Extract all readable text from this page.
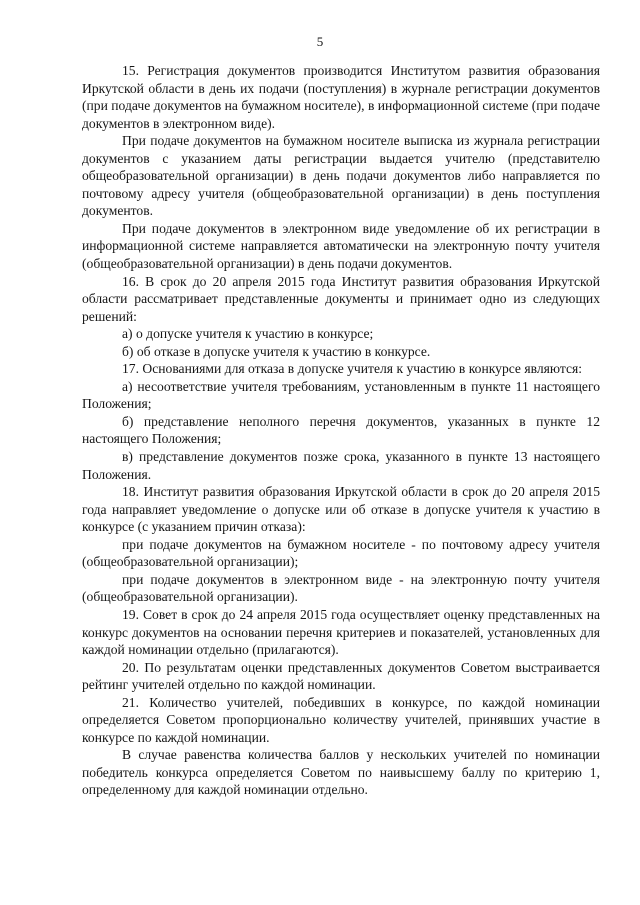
5

15. Регистрация документов производится Институтом развития образования Иркутской области в день их подачи (поступления) в журнале регистрации документов (при подаче документов на бумажном носителе), в информационной системе (при подаче документов в электронном виде).

При подаче документов на бумажном носителе выписка из журнала регистрации документов с указанием даты регистрации выдается учителю (представителю общеобразовательной организации) в день подачи документов либо направляется по почтовому адресу учителя (общеобразовательной организации) в день поступления документов.

При подаче документов в электронном виде уведомление об их регистрации в информационной системе направляется автоматически на электронную почту учителя (общеобразовательной организации) в день подачи документов.

16. В срок до 20 апреля 2015 года Институт развития образования Иркутской области рассматривает представленные документы и принимает одно из следующих решений:

а) о допуске учителя к участию в конкурсе;

б) об отказе в допуске учителя к участию в конкурсе.

17. Основаниями для отказа в допуске учителя к участию в конкурсе являются:

а) несоответствие учителя требованиям, установленным в пункте 11 настоящего Положения;

б) представление неполного перечня документов, указанных в пункте 12 настоящего Положения;

в) представление документов позже срока, указанного в пункте 13 настоящего Положения.

18. Институт развития образования Иркутской области в срок до 20 апреля 2015 года направляет уведомление о допуске или об отказе в допуске учителя к участию в конкурсе (с указанием причин отказа):

при подаче документов на бумажном носителе - по почтовому адресу учителя (общеобразовательной организации);

при подаче документов в электронном виде - на электронную почту учителя (общеобразовательной организации).

19. Совет в срок до 24 апреля 2015 года осуществляет оценку представленных на конкурс документов на основании перечня критериев и показателей, установленных для каждой номинации отдельно (прилагаются).

20. По результатам оценки представленных документов Советом выстраивается рейтинг учителей отдельно по каждой номинации.

21. Количество учителей, победивших в конкурсе, по каждой номинации определяется Советом пропорционально количеству учителей, принявших участие в конкурсе по каждой номинации.

В случае равенства количества баллов у нескольких учителей по номинации победитель конкурса определяется Советом по наивысшему баллу по критерию 1, определенному для каждой номинации отдельно.
